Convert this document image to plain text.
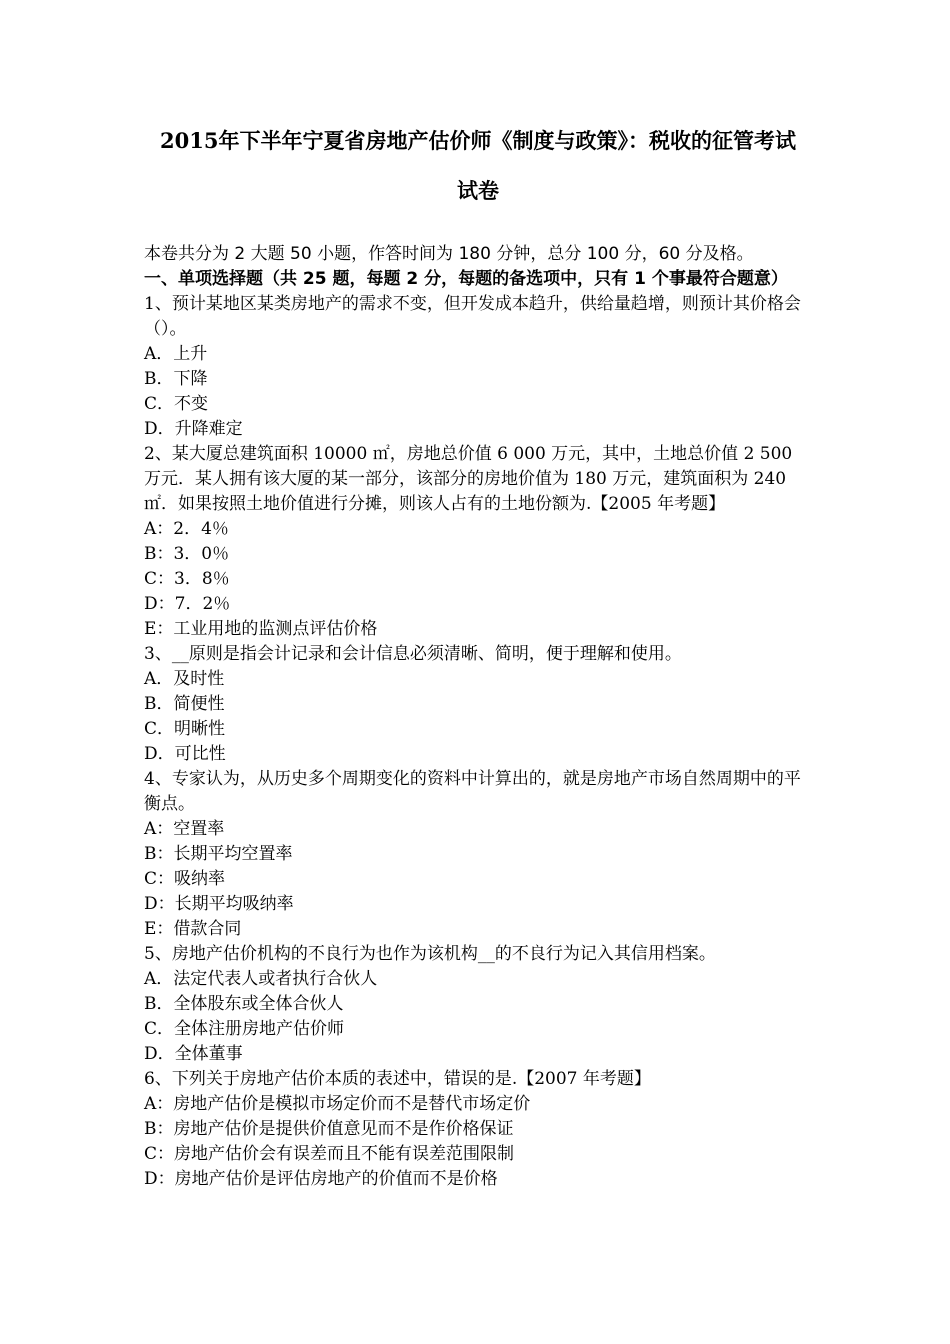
2015年下半年宁夏省房地产估价师《制度与政策》：税收的征管考试
试卷
本卷共分为 2 大题 50 小题，作答时间为 180 分钟，总分 100 分，60 分及格。
一、单项选择题（共 25 题，每题 2 分，每题的备选项中，只有 1 个事最符合题意）
1、预计某地区某类房地产的需求不变，但开发成本趋升，供给量趋增，则预计其价格会（）。
A．上升
B．下降
C．不变
D．升降难定
2、某大厦总建筑面积 10000 ㎡，房地总价值 6 000 万元，其中，土地总价值 2 500 万元．某人拥有该大厦的某一部分，该部分的房地价值为 180 万元，建筑面积为 240 ㎡．如果按照土地价值进行分摊，则该人占有的土地份额为.【2005 年考题】
A：2．4％
B：3．0％
C：3．8％
D：7．2％
E：工业用地的监测点评估价格
3、__原则是指会计记录和会计信息必须清晰、简明，便于理解和使用。
A．及时性
B．简便性
C．明晰性
D．可比性
4、专家认为，从历史多个周期变化的资料中计算出的，就是房地产市场自然周期中的平衡点。
A：空置率
B：长期平均空置率
C：吸纳率
D：长期平均吸纳率
E：借款合同
5、房地产估价机构的不良行为也作为该机构__的不良行为记入其信用档案。
A．法定代表人或者执行合伙人
B．全体股东或全体合伙人
C．全体注册房地产估价师
D．全体董事
6、下列关于房地产估价本质的表述中，错误的是.【2007 年考题】
A：房地产估价是模拟市场定价而不是替代市场定价
B：房地产估价是提供价值意见而不是作价格保证
C：房地产估价会有误差而且不能有误差范围限制
D：房地产估价是评估房地产的价值而不是价格
